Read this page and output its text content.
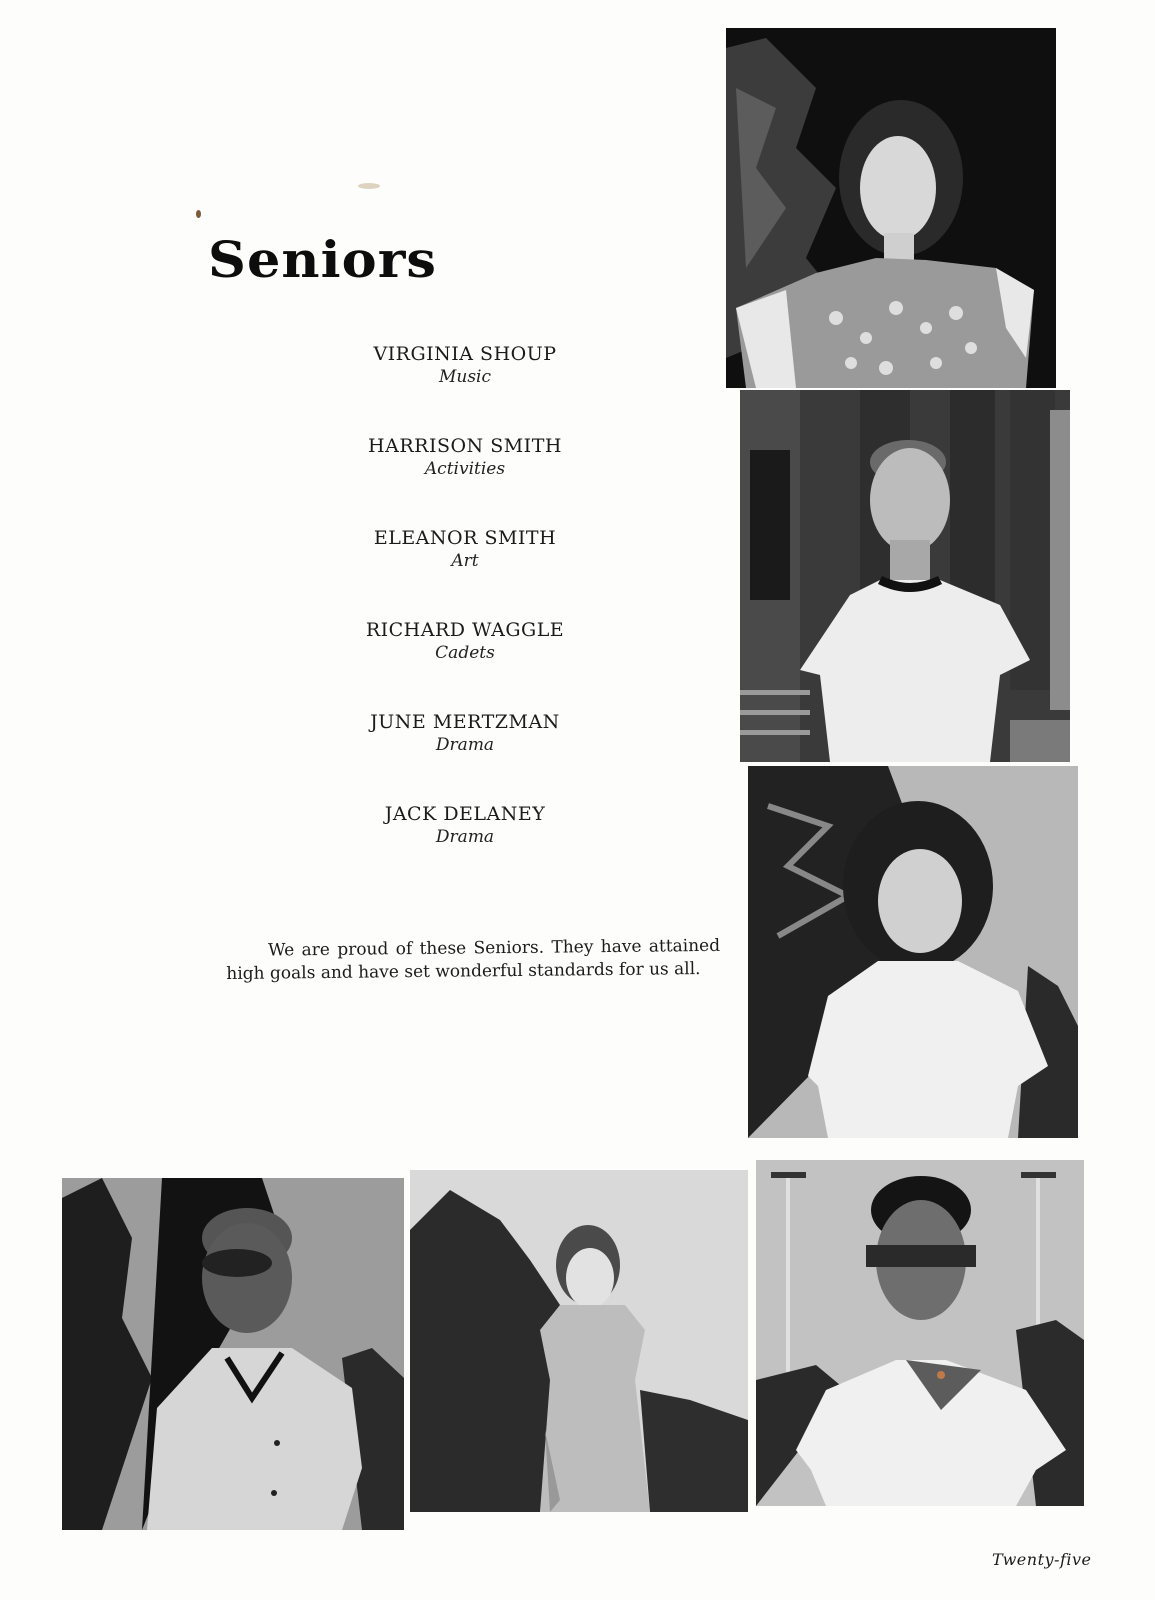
Seniors
VIRGINIA SHOUP
Music
HARRISON SMITH
Activities
ELEANOR SMITH
Art
RICHARD WAGGLE
Cadets
JUNE MERTZMAN
Drama
JACK DELANEY
Drama
We are proud of these Seniors. They have attained high goals and have set wonderful standards for us all.
Twenty-five
